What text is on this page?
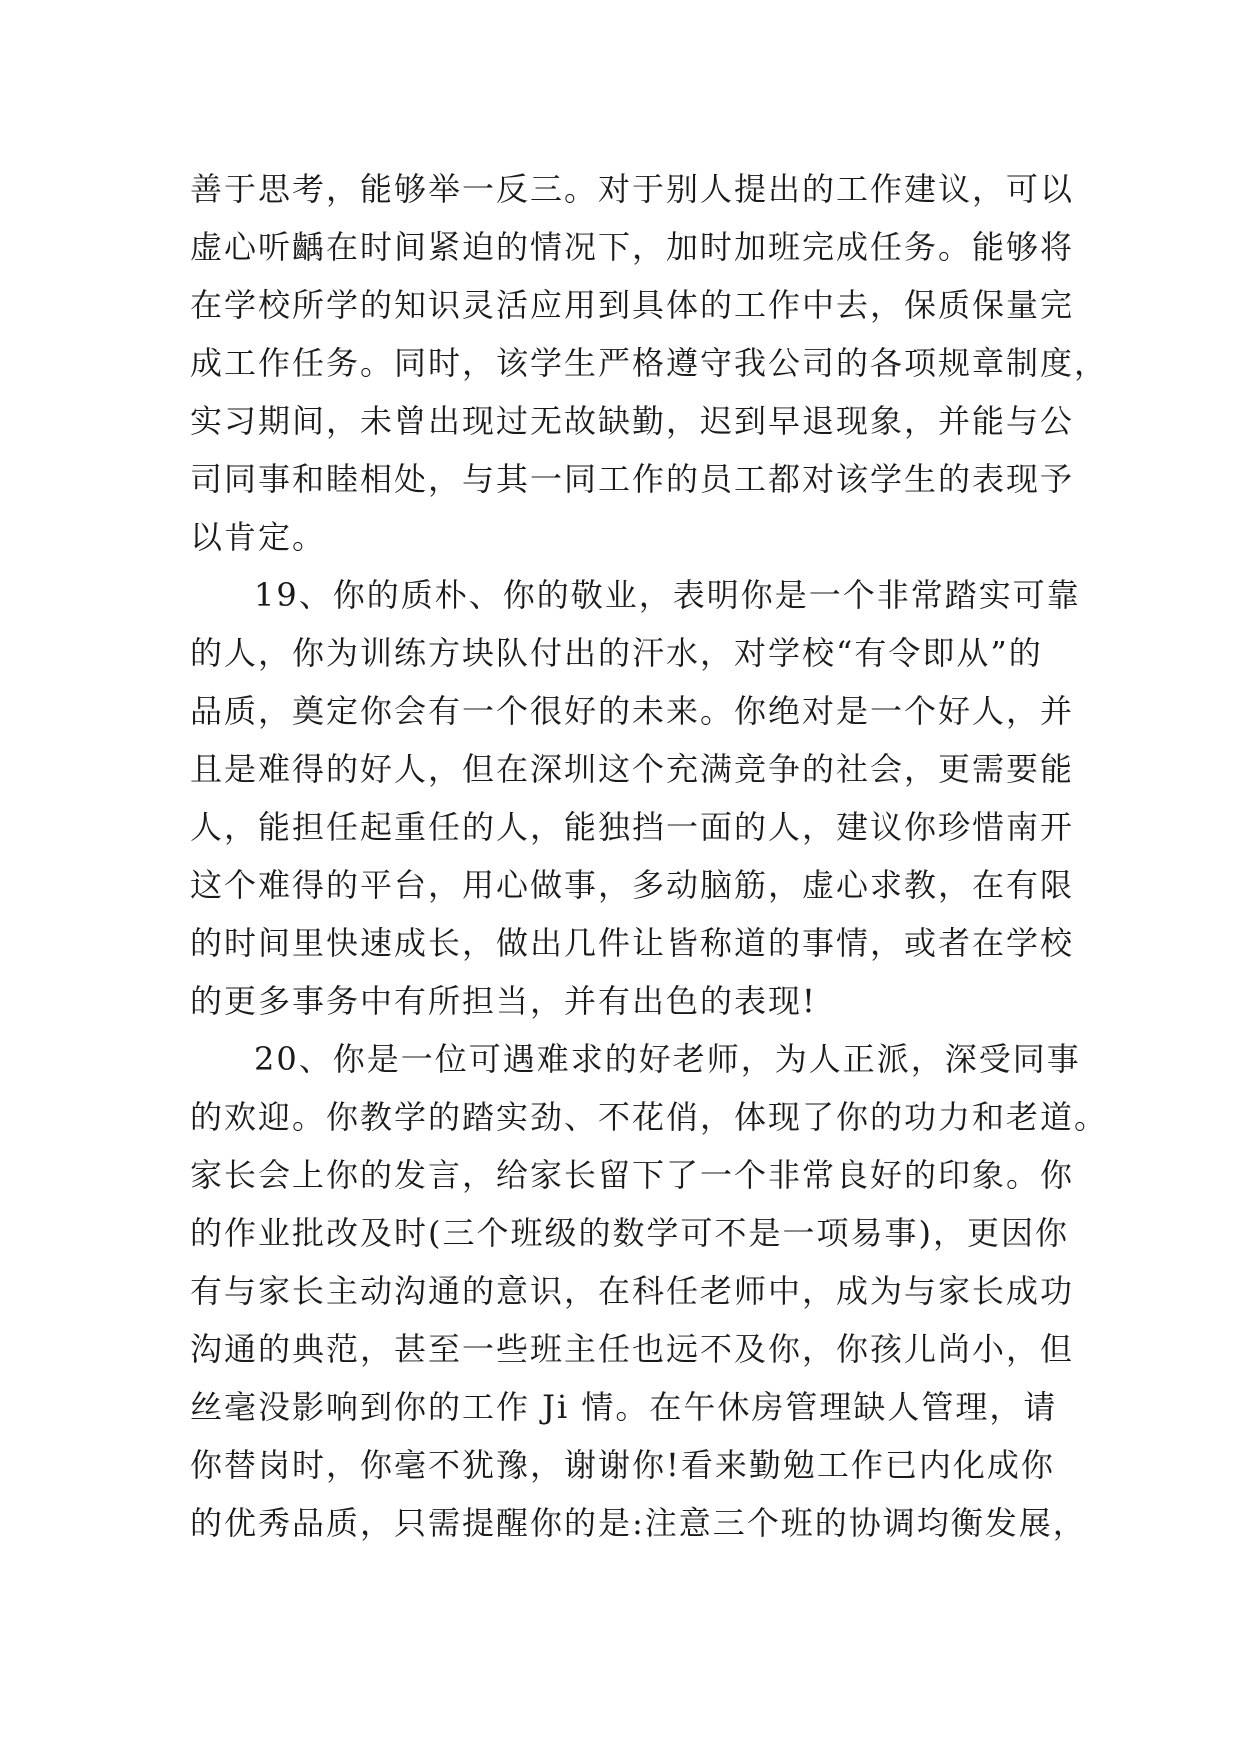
善于思考，能够举一反三。对于别人提出的工作建议，可以
虚心听齲在时间紧迫的情况下，加时加班完成任务。能够将
在学校所学的知识灵活应用到具体的工作中去，保质保量完
成工作任务。同时，该学生严格遵守我公司的各项规章制度，
实习期间，未曾出现过无故缺勤，迟到早退现象，并能与公
司同事和睦相处，与其一同工作的员工都对该学生的表现予
以肯定。
19、你的质朴、你的敬业，表明你是一个非常踏实可靠
的人，你为训练方块队付出的汗水，对学校“有令即从”的
品质，奠定你会有一个很好的未来。你绝对是一个好人，并
且是难得的好人，但在深圳这个充满竞争的社会，更需要能
人，能担任起重任的人，能独挡一面的人，建议你珍惜南开
这个难得的平台，用心做事，多动脑筋，虚心求教，在有限
的时间里快速成长，做出几件让皆称道的事情，或者在学校
的更多事务中有所担当，并有出色的表现!
20、你是一位可遇难求的好老师，为人正派，深受同事
的欢迎。你教学的踏实劲、不花俏，体现了你的功力和老道。
家长会上你的发言，给家长留下了一个非常良好的印象。你
的作业批改及时(三个班级的数学可不是一项易事)，更因你
有与家长主动沟通的意识，在科任老师中，成为与家长成功
沟通的典范，甚至一些班主任也远不及你，你孩儿尚小，但
丝毫没影响到你的工作 Ji 情。在午休房管理缺人管理，请
你替岗时，你毫不犹豫，谢谢你!看来勤勉工作已内化成你
的优秀品质，只需提醒你的是:注意三个班的协调均衡发展，
